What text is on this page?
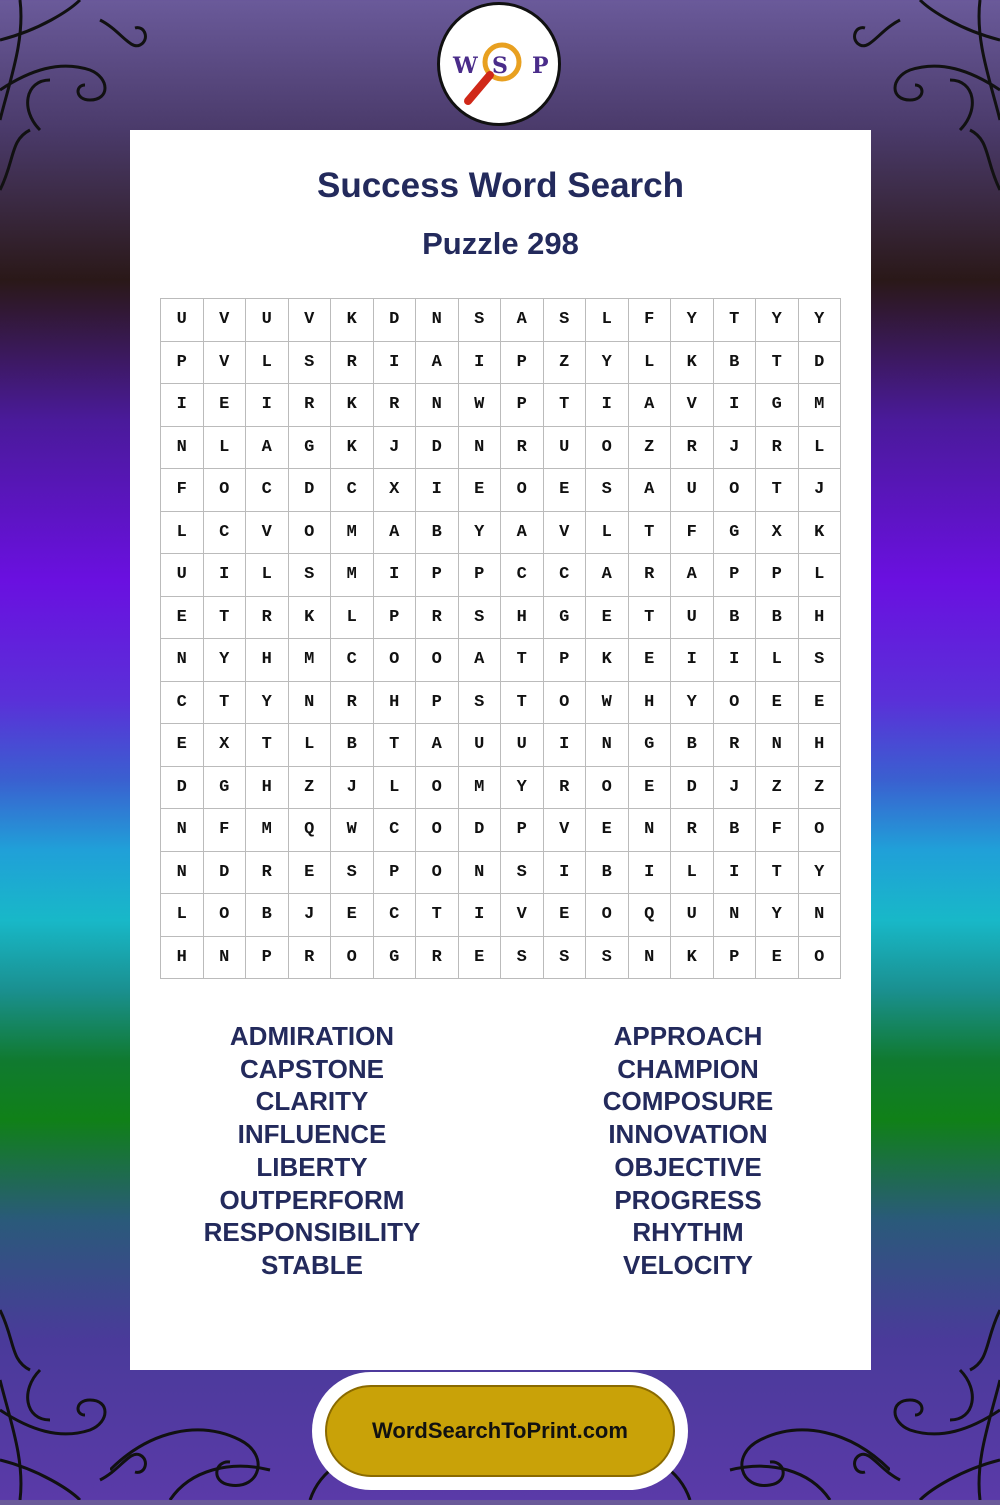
W S P
Success Word Search
Puzzle 298
U	V	U	V	K	D	N	S	A	S	L	F	Y	T	Y	Y
P	V	L	S	R	I	A	I	P	Z	Y	L	K	B	T	D
I	E	I	R	K	R	N	W	P	T	I	A	V	I	G	M
N	L	A	G	K	J	D	N	R	U	O	Z	R	J	R	L
F	O	C	D	C	X	I	E	O	E	S	A	U	O	T	J
L	C	V	O	M	A	B	Y	A	V	L	T	F	G	X	K
U	I	L	S	M	I	P	P	C	C	A	R	A	P	P	L
E	T	R	K	L	P	R	S	H	G	E	T	U	B	B	H
N	Y	H	M	C	O	O	A	T	P	K	E	I	I	L	S
C	T	Y	N	R	H	P	S	T	O	W	H	Y	O	E	E
E	X	T	L	B	T	A	U	U	I	N	G	B	R	N	H
D	G	H	Z	J	L	O	M	Y	R	O	E	D	J	Z	Z
N	F	M	Q	W	C	O	D	P	V	E	N	R	B	F	O
N	D	R	E	S	P	O	N	S	I	B	I	L	I	T	Y
L	O	B	J	E	C	T	I	V	E	O	Q	U	N	Y	N
H	N	P	R	O	G	R	E	S	S	S	N	K	P	E	O
ADMIRATION
CAPSTONE
CLARITY
INFLUENCE
LIBERTY
OUTPERFORM
RESPONSIBILITY
STABLE
APPROACH
CHAMPION
COMPOSURE
INNOVATION
OBJECTIVE
PROGRESS
RHYTHM
VELOCITY
WordSearchToPrint.com
